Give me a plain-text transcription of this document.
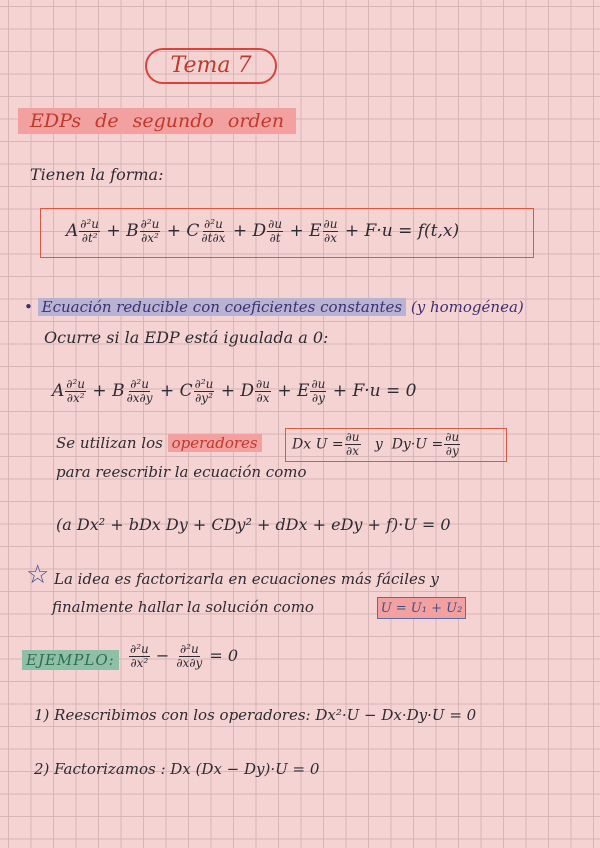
Tema 7
EDPs de segundo orden
Tienen la forma:
A $\frac{\text{∂²u}}{\text{∂t²}} + B \frac{\text{∂²u}}{\text{∂x²}} + C \frac{\text{∂²u}}{\partial t\partial x} + D \frac{\partial u}{\partial t} + E \frac{\partial u}{\partial x} + F\cdot u = f(t,x)$
• Ecuación reducible con coeficientes constantes (y homogénea)
Ocurre si la EDP está igualada a 0:
A $\frac{\text{∂²u}}{\text{∂x²}} + B \frac{\text{∂²u}}{\partial x\partial y} + C \frac{\text{∂²u}}{\text{∂y²}} + D \frac{\partial u}{\partial x} + E \frac{\partial u}{\partial y} + F\cdot u = 0$
Se utilizan los operadores	Dx $U = \frac{\partial u}{\partial x}$ y $Dy\cdot U = \frac{\partial u}{\partial y}$
para reescribir la ecuación como
(a Dx² + bDx Dy + CDy² + dDx + eDy + f)·U = 0
☆ La idea es factorizarla en ecuaciones más fáciles y
finalmente hallar la solución como	U = U₁ + U₂
EJEMPLO:	$\frac{\text{∂²u}}{\text{∂x²}} - \frac{\text{∂²u}}{\partial x\partial y} = 0$
1) Reescribimos con los operadores: Dx²·U − Dx·Dy·U = 0
2) Factorizamos : Dx (Dx − Dy)·U = 0
